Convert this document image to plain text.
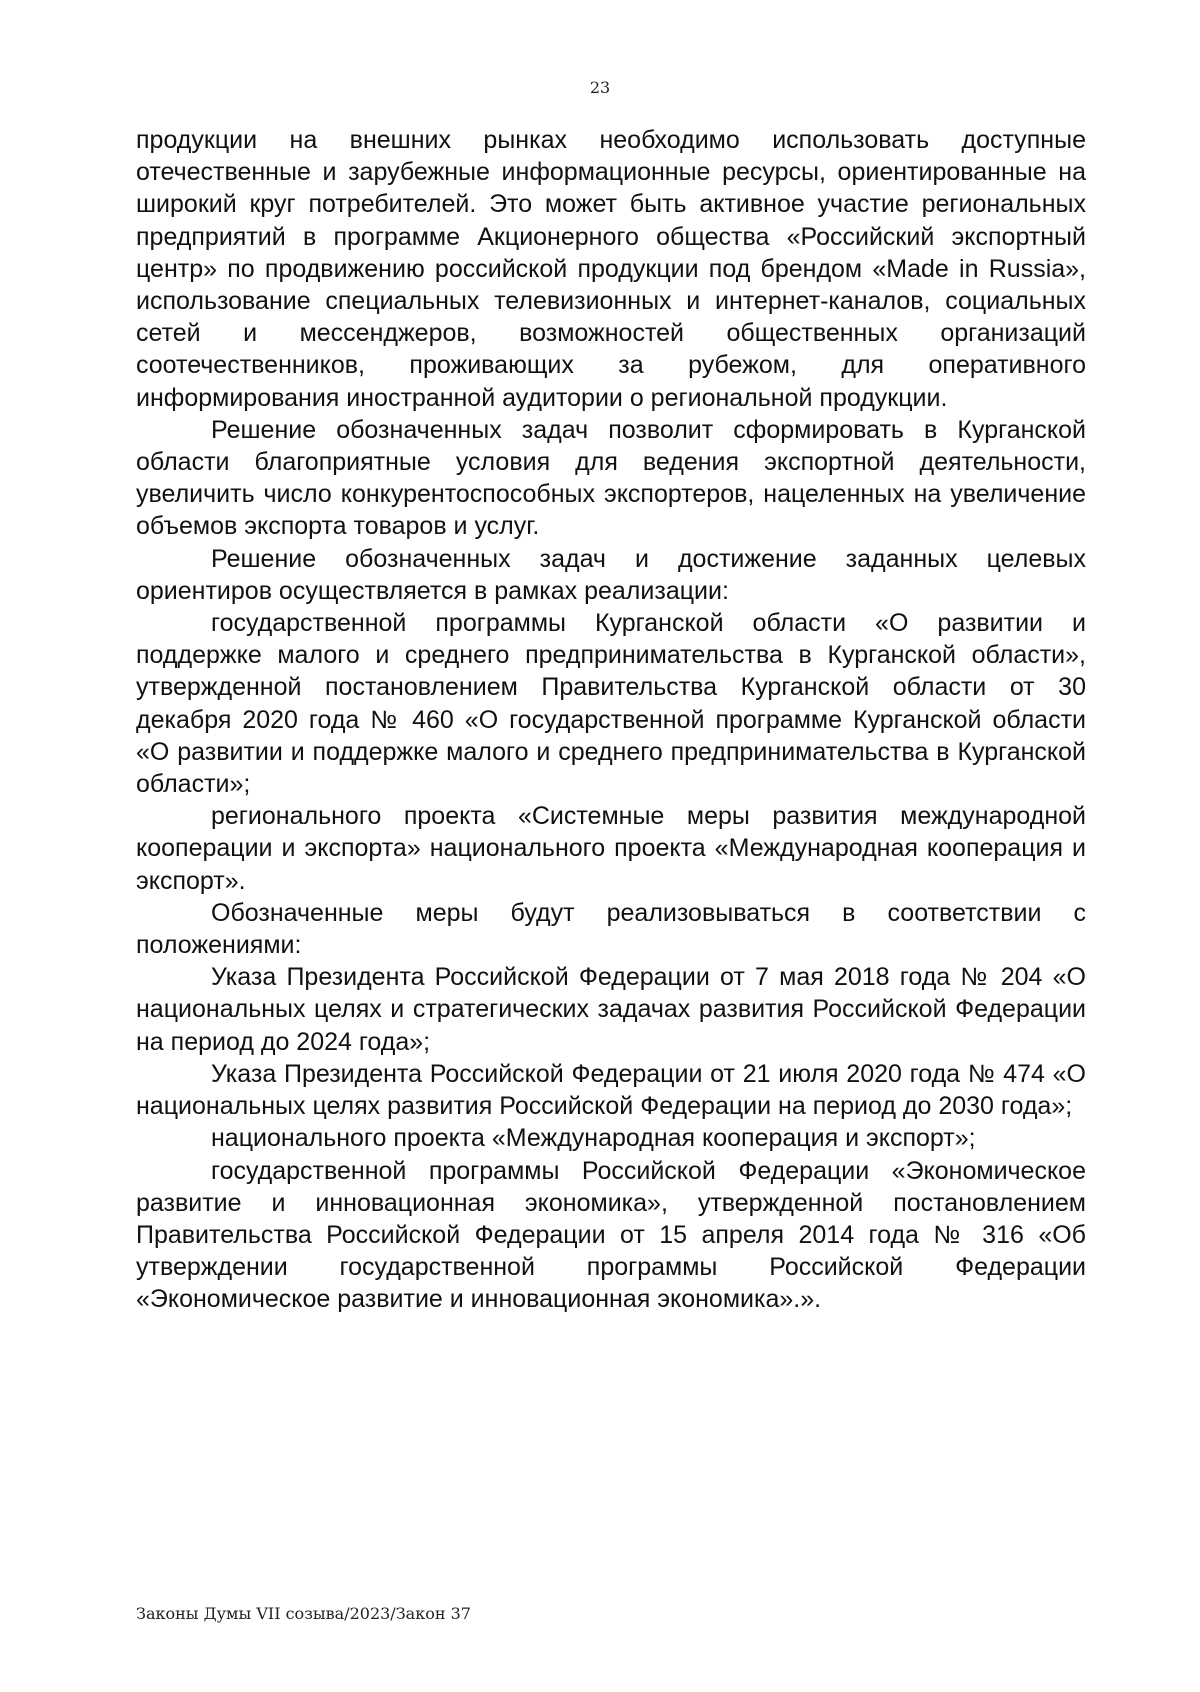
23

продукции на внешних рынках необходимо использовать доступные отечественные и зарубежные информационные ресурсы, ориентированные на широкий круг потребителей. Это может быть активное участие региональных предприятий в программе Акционерного общества «Российский экспортный центр» по продвижению российской продукции под брендом «Made in Russia», использование специальных телевизионных и интернет-каналов, социальных сетей и мессенджеров, возможностей общественных организаций соотечественников, проживающих за рубежом, для оперативного информирования иностранной аудитории о региональной продукции.

Решение обозначенных задач позволит сформировать в Курганской области благоприятные условия для ведения экспортной деятельности, увеличить число конкурентоспособных экспортеров, нацеленных на увеличение объемов экспорта товаров и услуг.

Решение обозначенных задач и достижение заданных целевых ориентиров осуществляется в рамках реализации:

государственной программы Курганской области «О развитии и поддержке малого и среднего предпринимательства в Курганской области», утвержденной постановлением Правительства Курганской области от 30 декабря 2020 года № 460 «О государственной программе Курганской области «О развитии и поддержке малого и среднего предпринимательства в Курганской области»;

регионального проекта «Системные меры развития международной кооперации и экспорта» национального проекта «Международная кооперация и экспорт».

Обозначенные меры будут реализовываться в соответствии с положениями:

Указа Президента Российской Федерации от 7 мая 2018 года № 204 «О национальных целях и стратегических задачах развития Российской Федерации на период до 2024 года»;

Указа Президента Российской Федерации от 21 июля 2020 года № 474 «О национальных целях развития Российской Федерации на период до 2030 года»;

национального проекта «Международная кооперация и экспорт»;

государственной программы Российской Федерации «Экономическое развитие и инновационная экономика», утвержденной постановлением Правительства Российской Федерации от 15 апреля 2014 года № 316 «Об утверждении государственной программы Российской Федерации «Экономическое развитие и инновационная экономика».».

Законы Думы VII созыва/2023/Закон 37
